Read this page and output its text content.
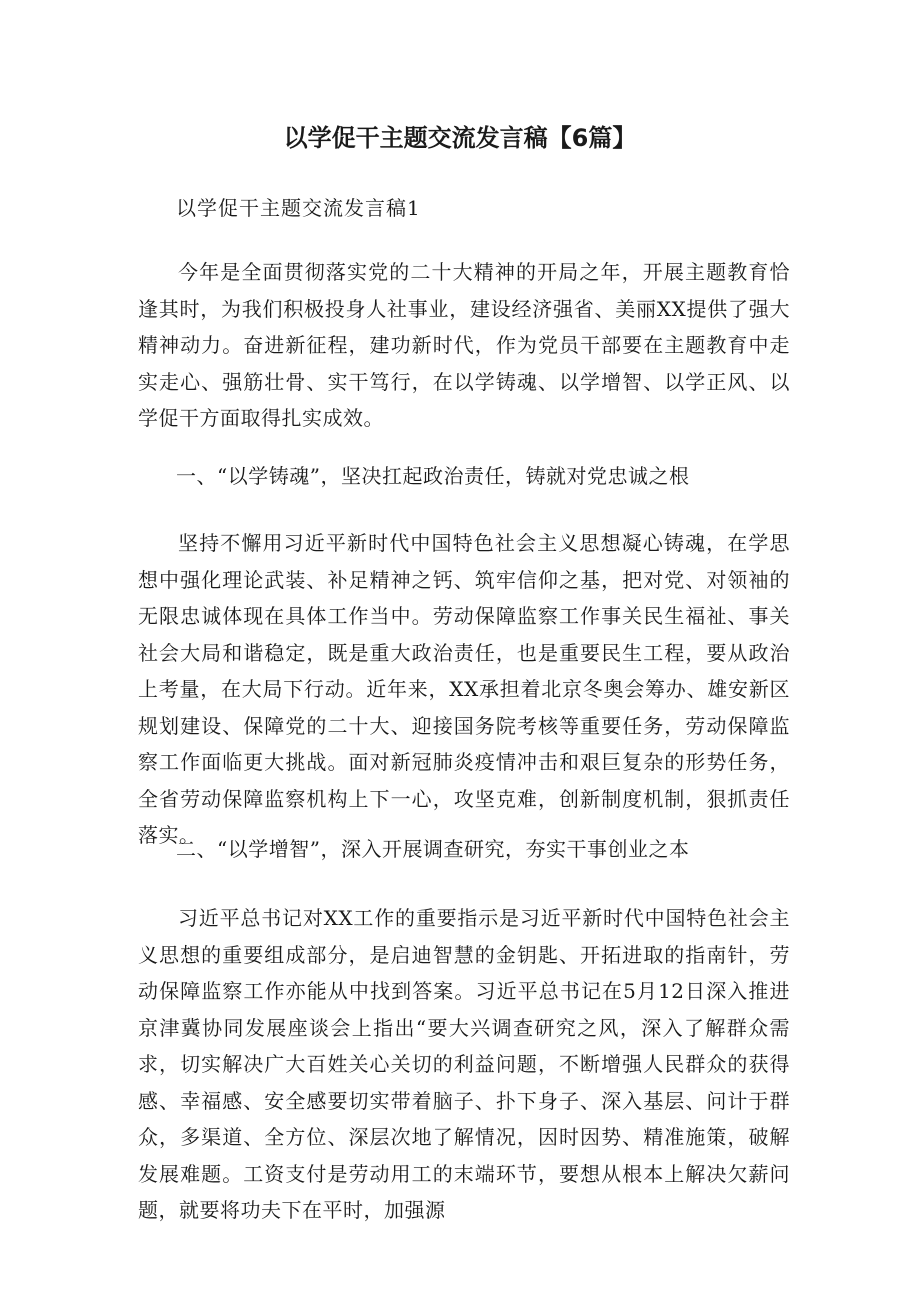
以学促干主题交流发言稿【6篇】
以学促干主题交流发言稿1

今年是全面贯彻落实党的二十大精神的开局之年，开展主题教育恰逢其时，为我们积极投身人社事业，建设经济强省、美丽XX提供了强大精神动力。奋进新征程，建功新时代，作为党员干部要在主题教育中走实走心、强筋壮骨、实干笃行，在以学铸魂、以学增智、以学正风、以学促干方面取得扎实成效。

一、“以学铸魂”，坚决扛起政治责任，铸就对党忠诚之根

坚持不懈用习近平新时代中国特色社会主义思想凝心铸魂，在学思想中强化理论武装、补足精神之钙、筑牢信仰之基，把对党、对领袖的无限忠诚体现在具体工作当中。劳动保障监察工作事关民生福祉、事关社会大局和谐稳定，既是重大政治责任，也是重要民生工程，要从政治上考量，在大局下行动。近年来，XX承担着北京冬奥会筹办、雄安新区规划建设、保障党的二十大、迎接国务院考核等重要任务，劳动保障监察工作面临更大挑战。面对新冠肺炎疫情冲击和艰巨复杂的形势任务，全省劳动保障监察机构上下一心，攻坚克难，创新制度机制，狠抓责任落实。

二、“以学增智”，深入开展调查研究，夯实干事创业之本

习近平总书记对XX工作的重要指示是习近平新时代中国特色社会主义思想的重要组成部分，是启迪智慧的金钥匙、开拓进取的指南针，劳动保障监察工作亦能从中找到答案。习近平总书记在5月12日深入推进京津冀协同发展座谈会上指出“要大兴调查研究之风，深入了解群众需求，切实解决广大百姓关心关切的利益问题，不断增强人民群众的获得感、幸福感、安全感要切实带着脑子、扑下身子、深入基层、问计于群众，多渠道、全方位、深层次地了解情况，因时因势、精准施策，破解发展难题。工资支付是劳动用工的末端环节，要想从根本上解决欠薪问题，就要将功夫下在平时，加强源
